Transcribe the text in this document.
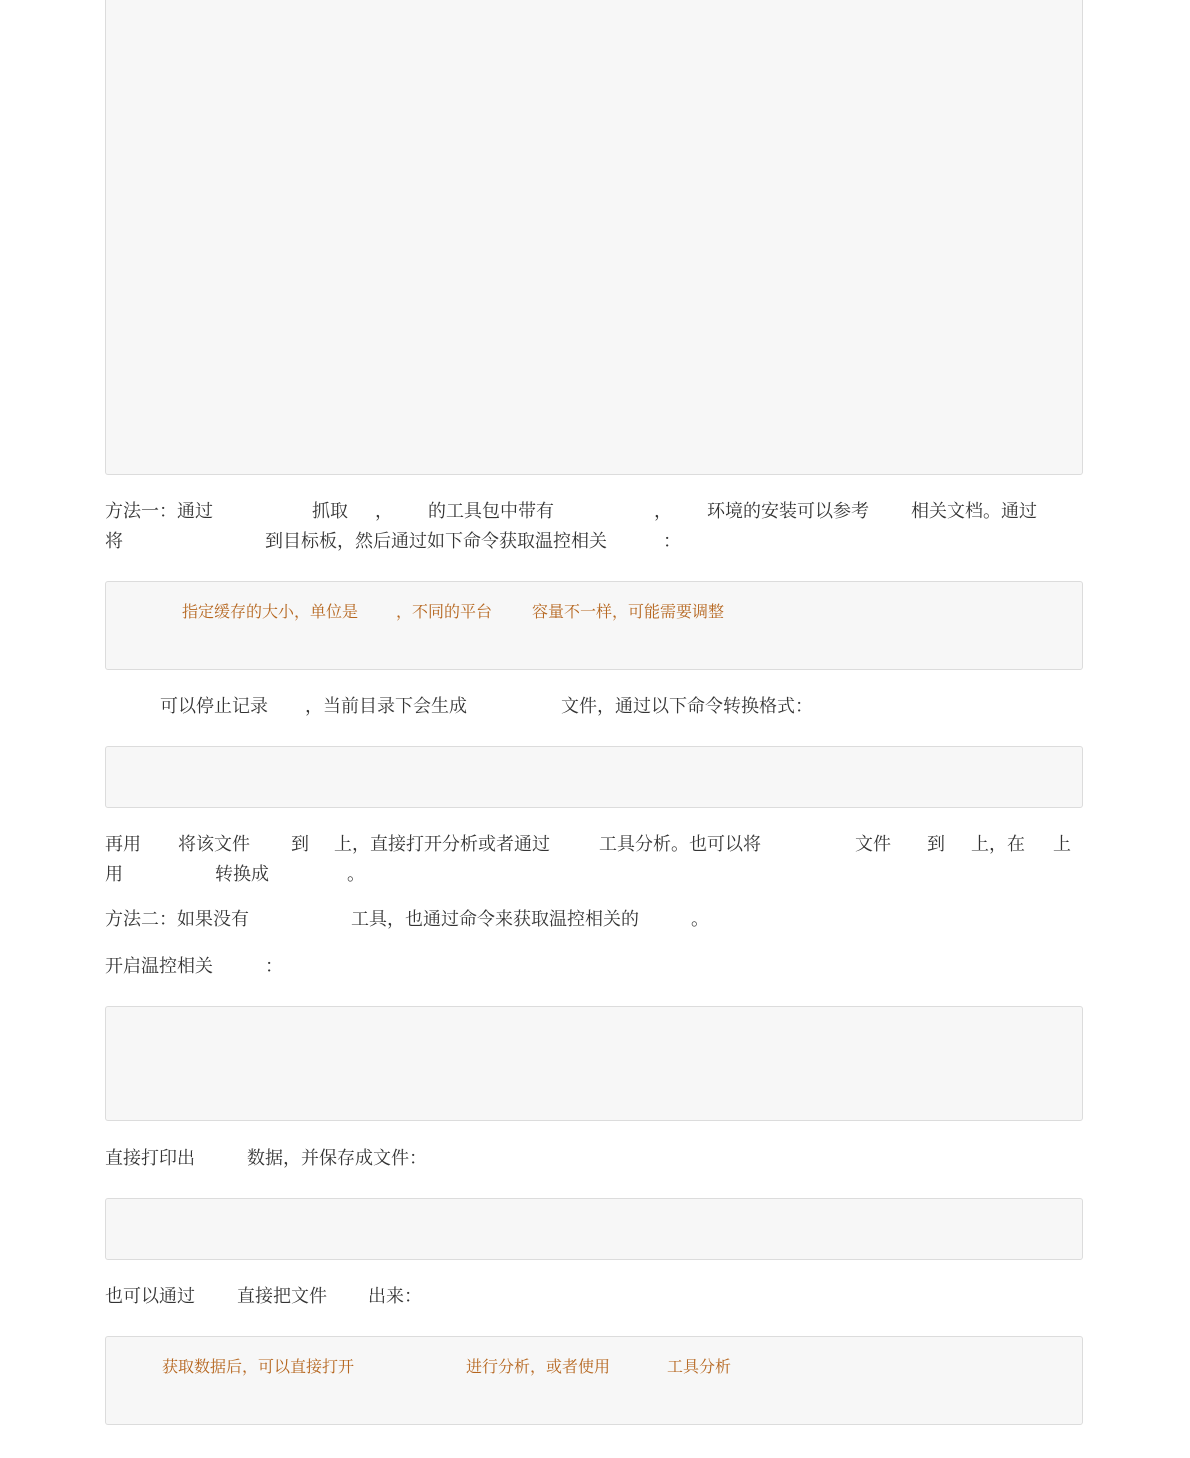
方法一：通过

	抓取

，

的工具包中带有

	，

环境的安装可以参考

相关文档。通过

将

	到目标板，然后通过如下命令获取温控相关

	：

指定缓存的大小，单位是

，不同的平台

容量不一样，可能需要调整

可以停止记录

，当前目录下会生成

	文件，通过以下命令转换格式：

再用

将该文件

到

上，直接打开分析或者通过

	工具分析。也可以将

	文件

到

上，在

上

用

	转换成

	。

方法二：如果没有

	工具，也通过命令来获取温控相关的

	。

开启温控相关

	：

直接打印出

	数据，并保存成文件：

也可以通过

直接把文件

出来：

获取数据后，可以直接打开

	进行分析，或者使用

	工具分析
